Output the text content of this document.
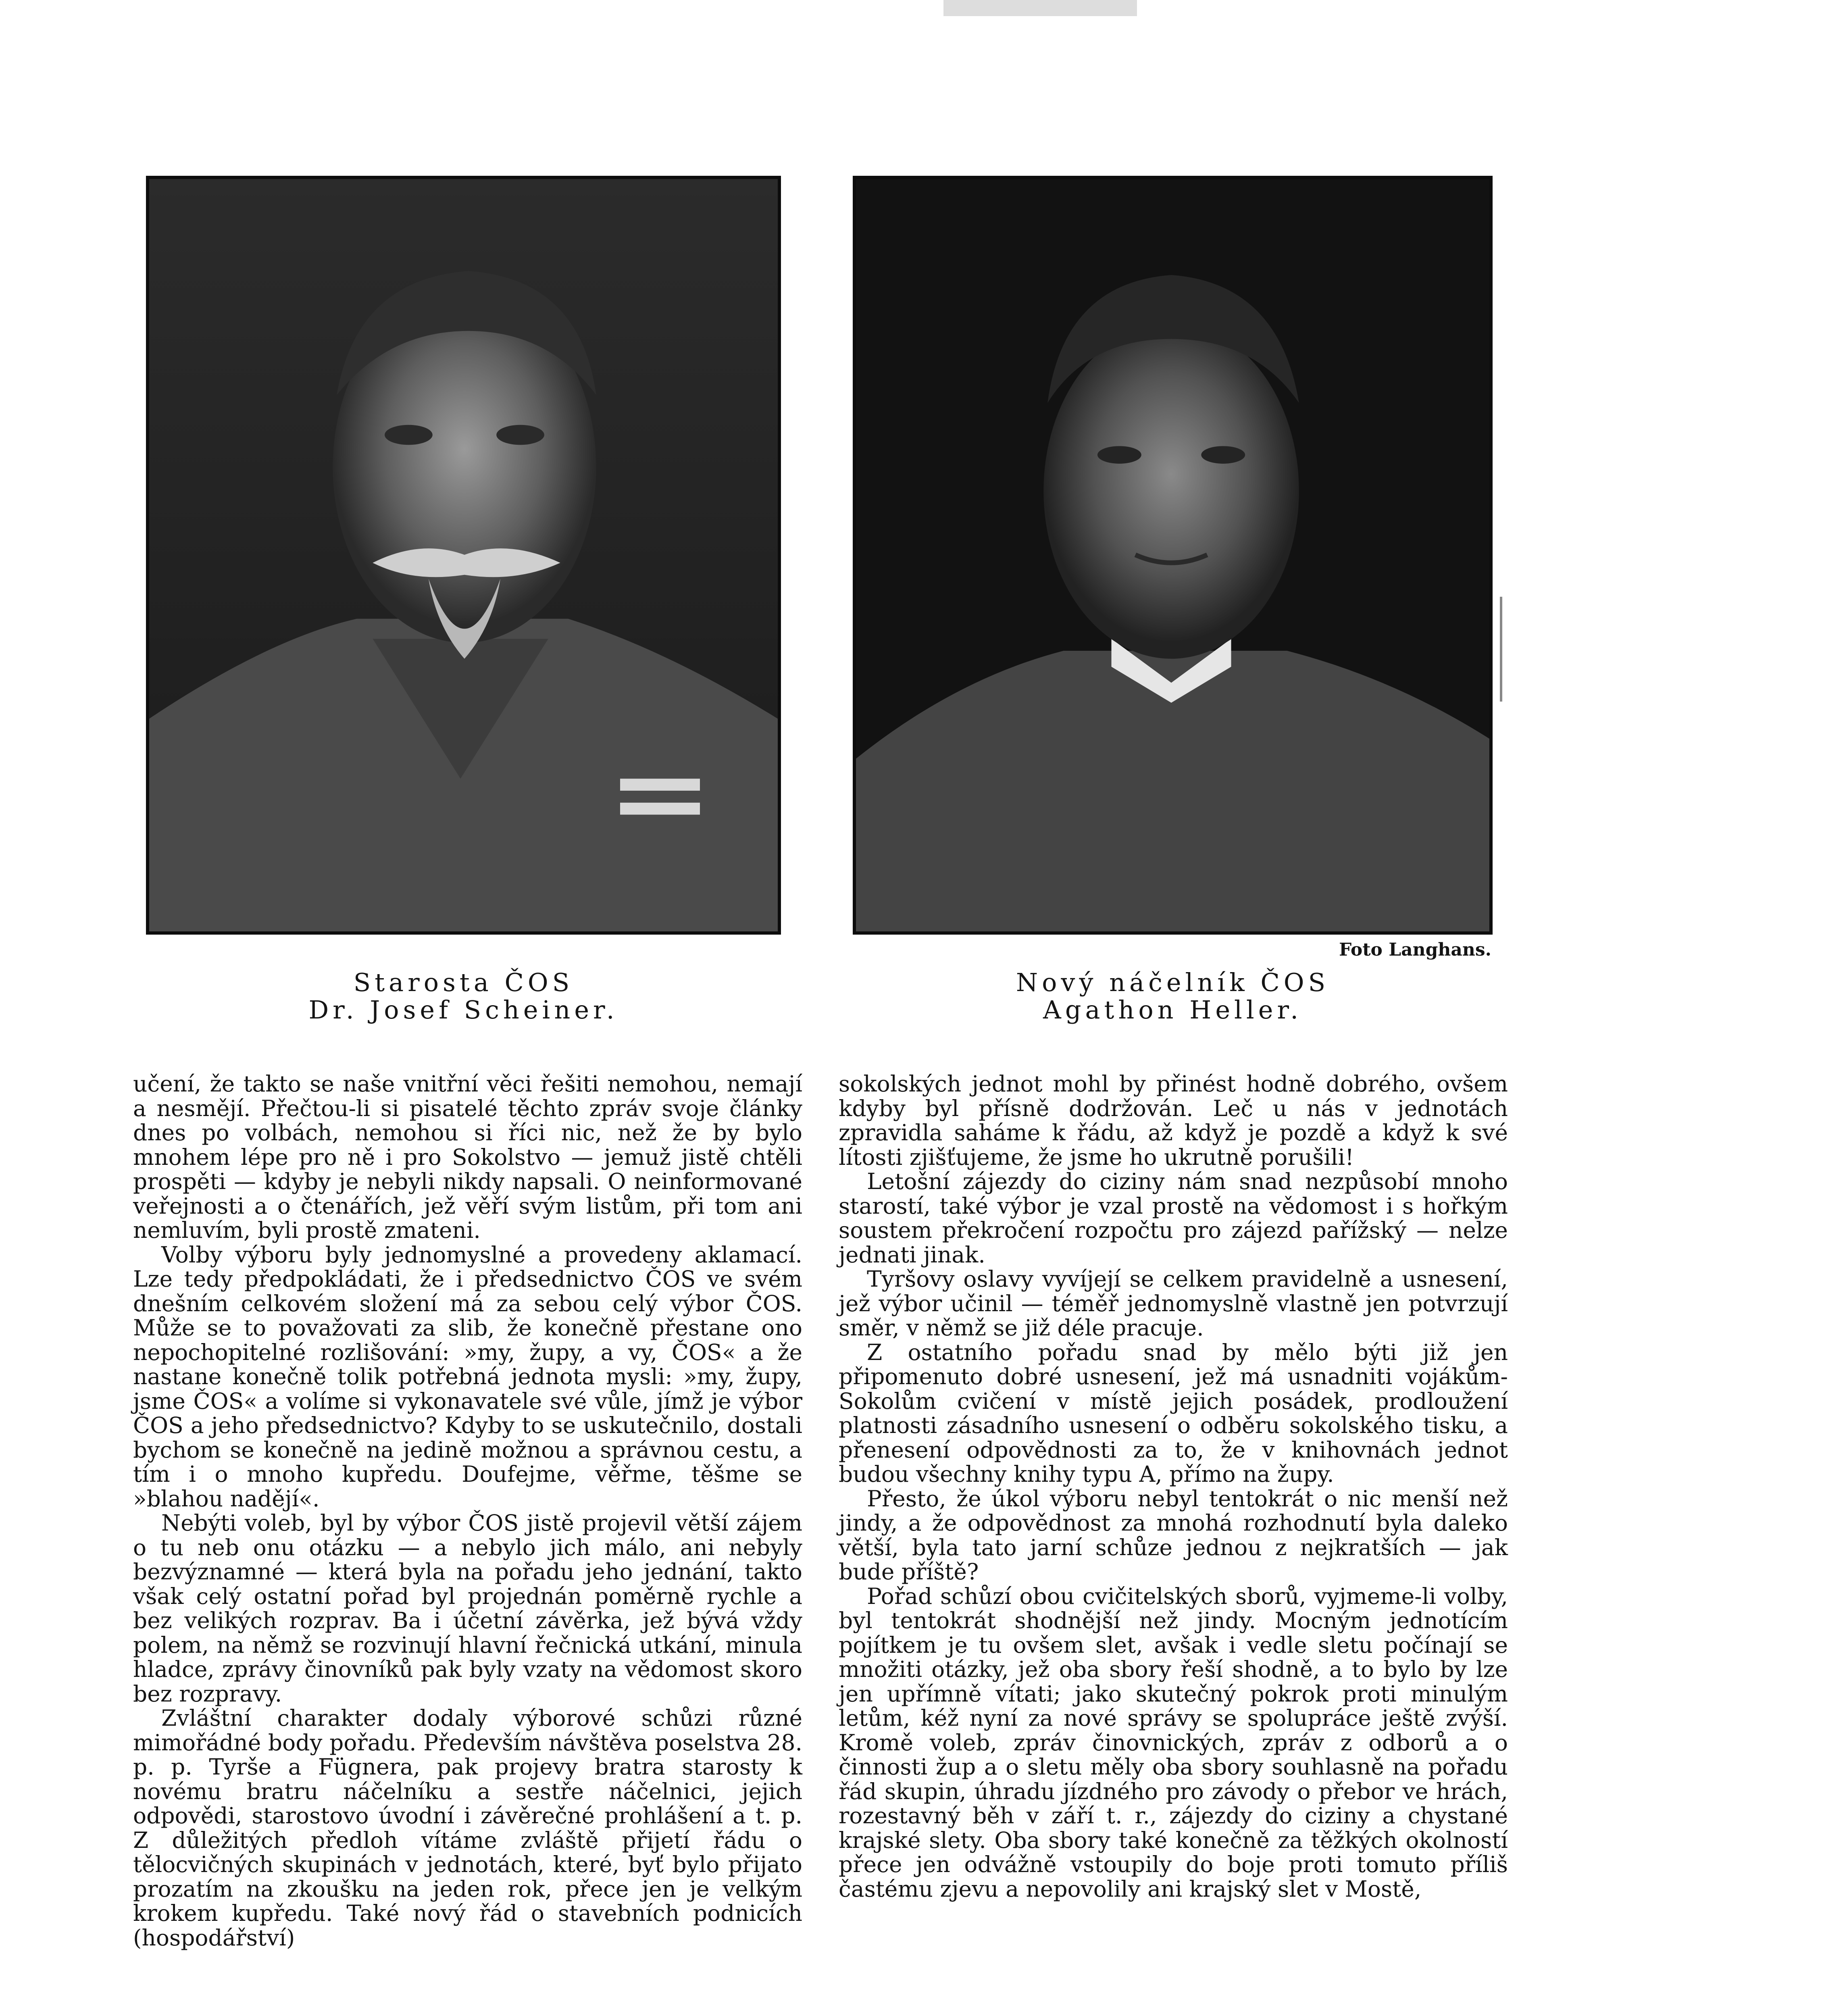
Foto Langhans.
Starosta ČOS
Dr. Josef Scheiner.
Nový náčelník ČOS
Agathon Heller.

učení, že takto se naše vnitřní věci řešiti nemohou, nemají a nesmějí. Přečtou-li si pisatelé těchto zpráv svoje články dnes po volbách, nemohou si říci nic, než že by bylo mnohem lépe pro ně i pro Sokolstvo — jemuž jistě chtěli prospěti — kdyby je nebyli nikdy napsali. O neinformované veřejnosti a o čtenářích, jež věří svým listům, při tom ani nemluvím, byli prostě zmateni.

Volby výboru byly jednomyslné a provedeny aklamací. Lze tedy předpokládati, že i předsednictvo ČOS ve svém dnešním celkovém složení má za sebou celý výbor ČOS. Může se to považovati za slib, že konečně přestane ono nepochopitelné rozlišování: »my, župy, a vy, ČOS« a že nastane konečně tolik potřebná jednota mysli: »my, župy, jsme ČOS« a volíme si vykonavatele své vůle, jímž je výbor ČOS a jeho předsednictvo? Kdyby to se uskutečnilo, dostali bychom se konečně na jedině možnou a správnou cestu, a tím i o mnoho kupředu. Doufejme, věřme, těšme se »blahou nadějí«.

Nebýti voleb, byl by výbor ČOS jistě projevil větší zájem o tu neb onu otázku — a nebylo jich málo, ani nebyly bezvýznamné — která byla na pořadu jeho jednání, takto však celý ostatní pořad byl projednán poměrně rychle a bez velikých rozprav. Ba i účetní závěrka, jež bývá vždy polem, na němž se rozvinují hlavní řečnická utkání, minula hladce, zprávy činovníků pak byly vzaty na vědomost skoro bez rozpravy.

Zvláštní charakter dodaly výborové schůzi různé mimořádné body pořadu. Především návštěva poselstva 28. p. p. Tyrše a Fügnera, pak projevy bratra starosty k novému bratru náčelníku a sestře náčelnici, jejich odpovědi, starostovo úvodní i závěrečné prohlášení a t. p. Z důležitých předloh vítáme zvláště přijetí řádu o tělocvičných skupinách v jednotách, které, byť bylo přijato prozatím na zkoušku na jeden rok, přece jen je velkým krokem kupředu. Také nový řád o stavebních podnicích (hospodářství)

sokolských jednot mohl by přinést hodně dobrého, ovšem kdyby byl přísně dodržován. Leč u nás v jednotách zpravidla saháme k řádu, až když je pozdě a když k své lítosti zjišťujeme, že jsme ho ukrutně porušili!

Letošní zájezdy do ciziny nám snad nezpůsobí mnoho starostí, také výbor je vzal prostě na vědomost i s hořkým soustem překročení rozpočtu pro zájezd pařížský — nelze jednati jinak.

Tyršovy oslavy vyvíjejí se celkem pravidelně a usnesení, jež výbor učinil — téměř jednomyslně vlastně jen potvrzují směr, v němž se již déle pracuje.

Z ostatního pořadu snad by mělo býti již jen připomenuto dobré usnesení, jež má usnadniti vojákům-Sokolům cvičení v místě jejich posádek, prodloužení platnosti zásadního usnesení o odběru sokolského tisku, a přenesení odpovědnosti za to, že v knihovnách jednot budou všechny knihy typu A, přímo na župy.

Přesto, že úkol výboru nebyl tentokrát o nic menší než jindy, a že odpovědnost za mnohá rozhodnutí byla daleko větší, byla tato jarní schůze jednou z nejkratších — jak bude příště?

Pořad schůzí obou cvičitelských sborů, vyjmeme-li volby, byl tentokrát shodnější než jindy. Mocným jednotícím pojítkem je tu ovšem slet, avšak i vedle sletu počínají se množiti otázky, jež oba sbory řeší shodně, a to bylo by lze jen upřímně vítati; jako skutečný pokrok proti minulým letům, kéž nyní za nové správy se spolupráce ještě zvýší. Kromě voleb, zpráv činovnických, zpráv z odborů a o činnosti žup a o sletu měly oba sbory souhlasně na pořadu řád skupin, úhradu jízdného pro závody o přebor ve hrách, rozestavný běh v září t. r., zájezdy do ciziny a chystané krajské slety. Oba sbory také konečně za těžkých okolností přece jen odvážně vstoupily do boje proti tomuto příliš častému zjevu a nepovolily ani krajský slet v Mostě,
